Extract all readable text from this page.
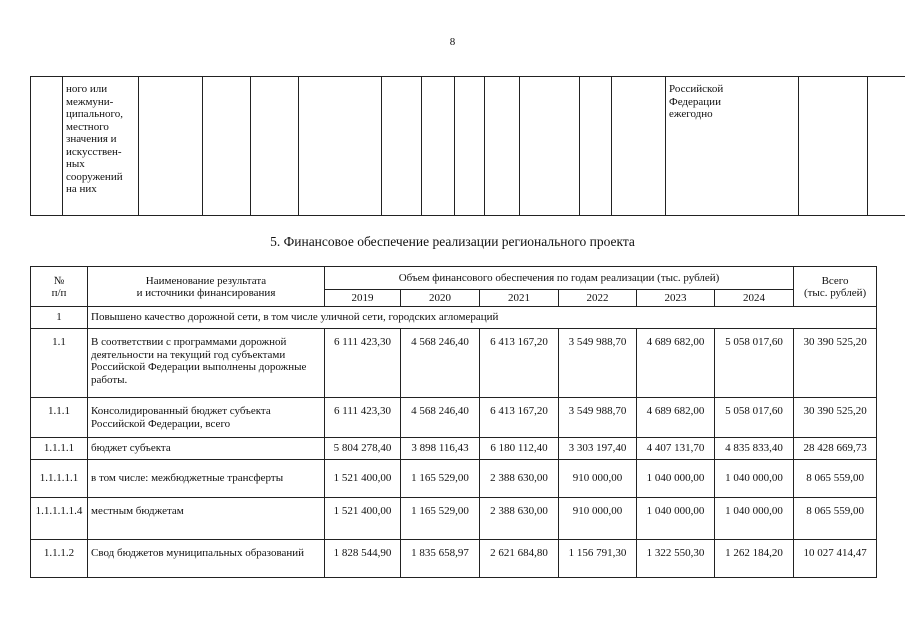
8
	ного или
межмуни-
ципального,
местного
значения и
искусствен-
ных
сооружений
на них												Российской
Федерации
ежегодно		
5. Финансовое обеспечение реализации регионального проекта
№
п/п	Наименование результата
и источники финансирования	Объем финансового обеспечения по годам реализации (тыс. рублей)						Всего
(тыс. рублей)
		2019	2020	2021	2022	2023	2024	
1	Повышено качество дорожной сети, в том числе уличной сети, городских агломераций							
1.1	В соответствии с программами дорожной деятельности на текущий год субъектами Российской Федерации выполнены дорожные работы.	6 111 423,30	4 568 246,40	6 413 167,20	3 549 988,70	4 689 682,00	5 058 017,60	30 390 525,20
1.1.1	Консолидированный бюджет субъекта Российской Федерации, всего	6 111 423,30	4 568 246,40	6 413 167,20	3 549 988,70	4 689 682,00	5 058 017,60	30 390 525,20
1.1.1.1	бюджет субъекта	5 804 278,40	3 898 116,43	6 180 112,40	3 303 197,40	4 407 131,70	4 835 833,40	28 428 669,73
1.1.1.1.1	в том числе: межбюджетные трансферты	1 521 400,00	1 165 529,00	2 388 630,00	910 000,00	1 040 000,00	1 040 000,00	8 065 559,00
1.1.1.1.1.4	местным бюджетам	1 521 400,00	1 165 529,00	2 388 630,00	910 000,00	1 040 000,00	1 040 000,00	8 065 559,00
1.1.1.2	Свод бюджетов муниципальных образований	1 828 544,90	1 835 658,97	2 621 684,80	1 156 791,30	1 322 550,30	1 262 184,20	10 027 414,47
